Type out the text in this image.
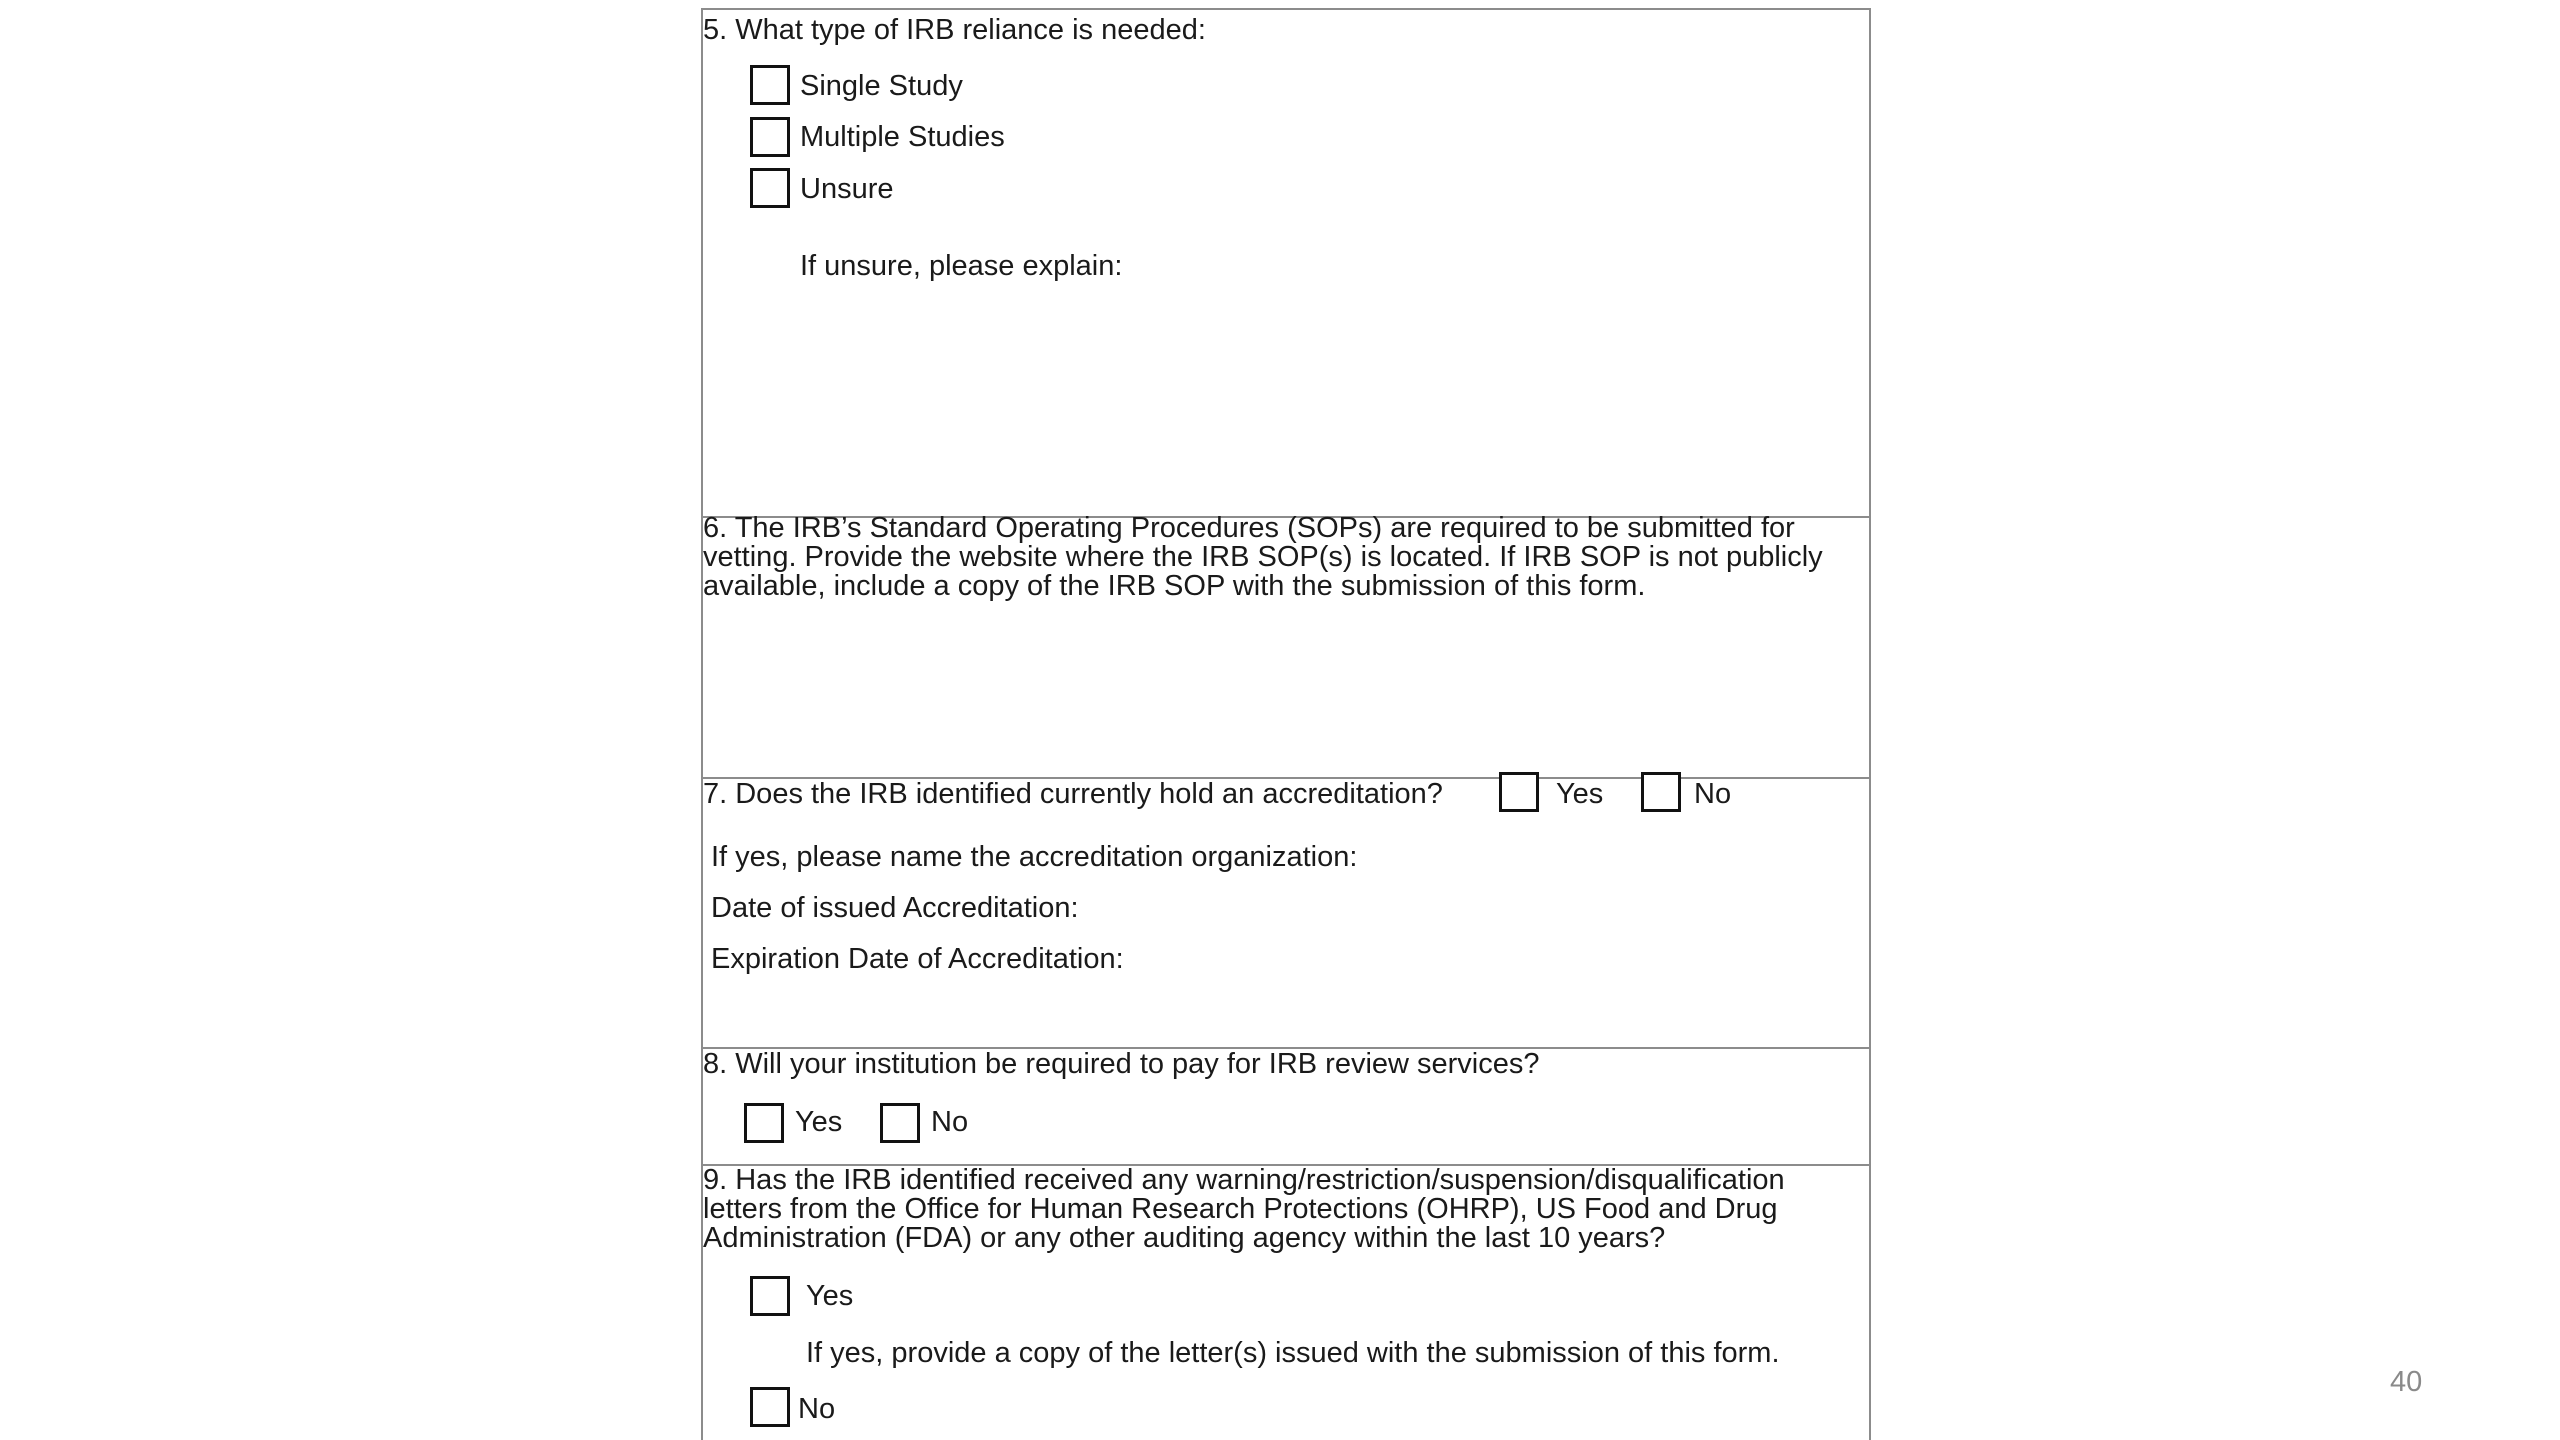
5. What type of IRB reliance is needed:
Single Study
Multiple Studies
Unsure
If unsure, please explain:
6. The IRB’s Standard Operating Procedures (SOPs) are required to be submitted for
vetting. Provide the website where the IRB SOP(s) is located. If IRB SOP is not publicly
available, include a copy of the IRB SOP with the submission of this form.
7. Does the IRB identified currently hold an accreditation?	Yes	No
If yes, please name the accreditation organization:
Date of issued Accreditation:
Expiration Date of Accreditation:
8. Will your institution be required to pay for IRB review services?
Yes	No
9. Has the IRB identified received any warning/restriction/suspension/disqualification
letters from the Office for Human Research Protections (OHRP), US Food and Drug
Administration (FDA) or any other auditing agency within the last 10 years?
Yes
If yes, provide a copy of the letter(s) issued with the submission of this form.
No
40
